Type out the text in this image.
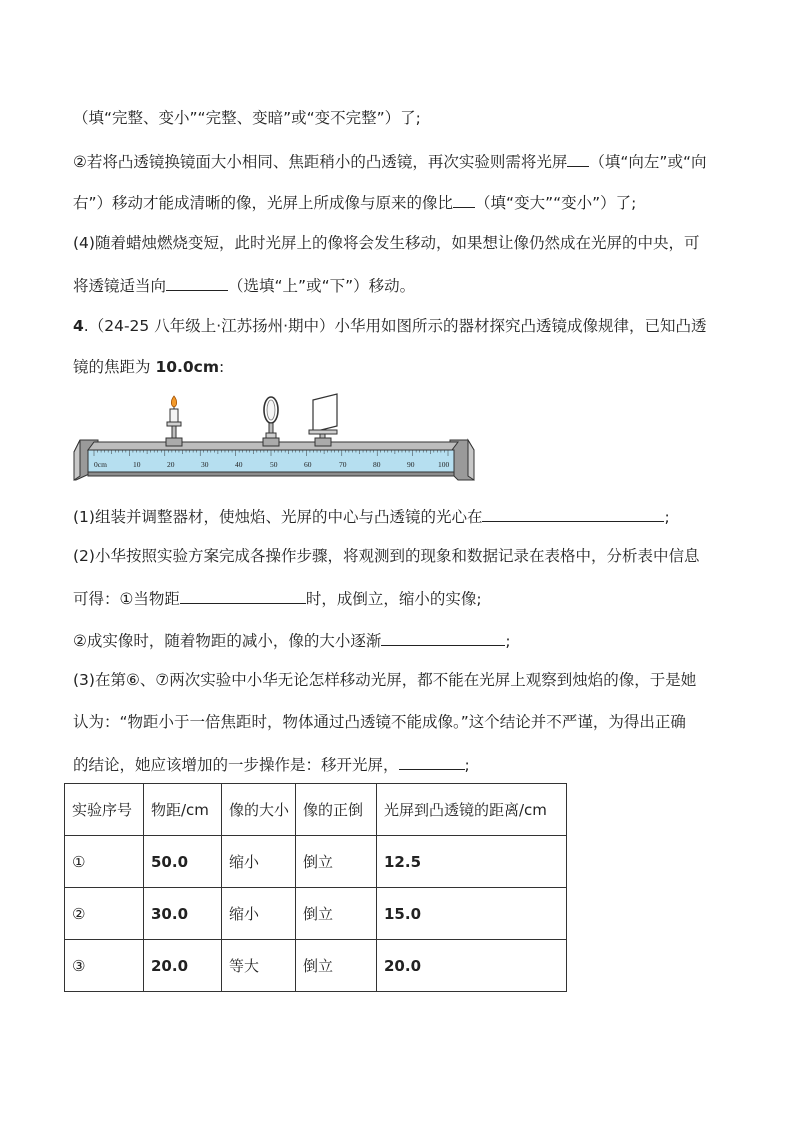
（填“完整、变小”“完整、变暗”或“变不完整”）了;
②若将凸透镜换镜面大小相同、焦距稍小的凸透镜，再次实验则需将光屏 （填“向左”或“向
右”）移动才能成清晰的像，光屏上所成像与原来的像比 （填“变大”“变小”）了;
(4)随着蜡烛燃烧变短，此时光屏上的像将会发生移动，如果想让像仍然成在光屏的中央，可
将透镜适当向	（选填“上”或“下”）移动。
4.（24-25 八年级上·江苏扬州·期中）小华用如图所示的器材探究凸透镜成像规律，已知凸透
镜的焦距为 10.0cm:
0cm	10	20	30	40	50	60	70	80	90	100
(1)组装并调整器材，使烛焰、光屏的中心与凸透镜的光心在	;
(2)小华按照实验方案完成各操作步骤，将观测到的现象和数据记录在表格中，分析表中信息
可得：①当物距	时，成倒立，缩小的实像;
②成实像时，随着物距的减小，像的大小逐渐	;
(3)在第⑥、⑦两次实验中小华无论怎样移动光屏，都不能在光屏上观察到烛焰的像，于是她
认为：“物距小于一倍焦距时，物体通过凸透镜不能成像。”这个结论并不严谨，为得出正确
的结论，她应该增加的一步操作是：移开光屏，	;
实验序号	物距/cm	像的大小	像的正倒	光屏到凸透镜的距离/cm
①	50.0	缩小	倒立	12.5
②	30.0	缩小	倒立	15.0
③	20.0	等大	倒立	20.0
